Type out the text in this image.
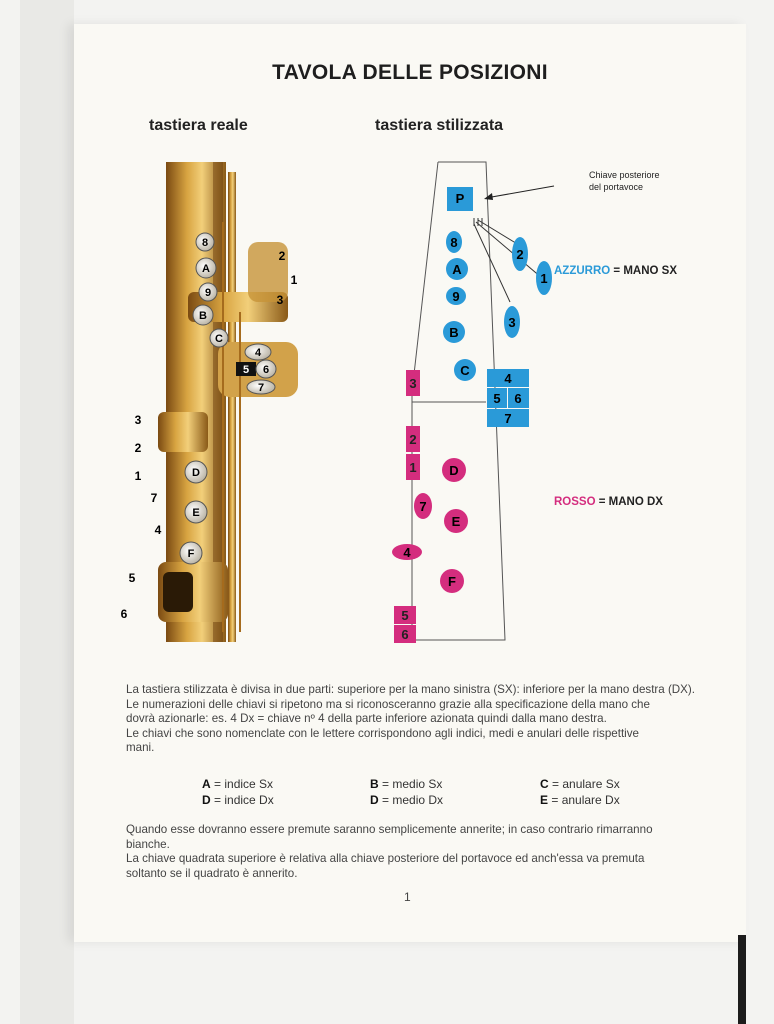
TAVOLA DELLE POSIZIONI
tastiera reale	tastiera stilizzata
8
A
9
B
C
4
5 6
7
2
1
3
3
2
1
7
4
5
6
D
E
F
Chiave posteriore
del portavoce
P
8
A
9
B
C
2
1
3
4
5 6
7
3
2
1	D
7
E
4
F
5
6
AZZURRO = MANO SX
ROSSO = MANO DX
La tastiera stilizzata è divisa in due parti: superiore per la mano sinistra (SX): inferiore per la mano destra (DX).
Le numerazioni delle chiavi si ripetono ma si riconosceranno grazie alla specificazione della mano che
dovrà azionarle: es. 4 Dx = chiave nº 4 della parte inferiore azionata quindi dalla mano destra.
Le chiavi che sono nomenclate con le lettere corrispondono agli indici, medi e anulari delle rispettive
mani.
A = indice Sx	B = medio Sx	C = anulare Sx
D = indice Dx	D = medio Dx	E = anulare Dx
Quando esse dovranno essere premute saranno semplicemente annerite; in caso contrario rimarranno
bianche.
La chiave quadrata superiore è relativa alla chiave posteriore del portavoce ed anch'essa va premuta
soltanto se il quadrato è annerito.
1
